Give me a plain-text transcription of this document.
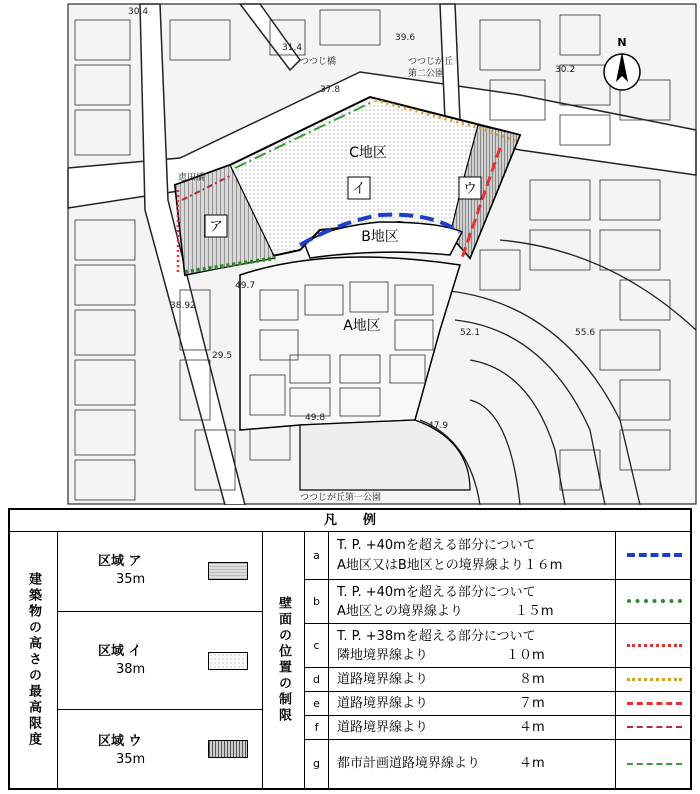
ア
イ	ウ
C地区
B地区
A地区
30.4
31.4
つつじ橋
39.6
つつじが丘
第二公園	30.2
37.8
恵田橋
38.92
49.7
29.5
52.1	55.6
49.8
47.9
つつじが丘第一公園
N
凡　　例
建築物の高さの最高限度
区域 ア
35m
区域 イ
38m
区域 ウ
35m
壁面の位置の制限
a
T. P. +40mを超える部分について
A地区又はB地区との境界線より１６m
b
T. P. +40mを超える部分について
A地区との境界線より　　　　１５m
c
T. P. +38mを超える部分について
隣地境界線より　　　　　　１０m
d	道路境界線より　　　　　　　８m
e	道路境界線より　　　　　　　７m
f	道路境界線より　　　　　　　４m
g	都市計画道路境界線より　　　４m
